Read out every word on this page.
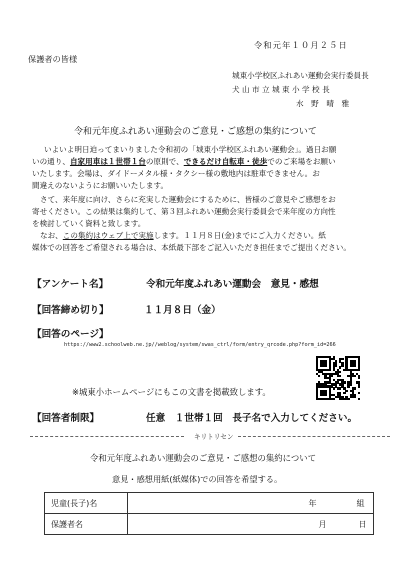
令和元年１０月２５日
保護者の皆様
城東小学校区ふれあい運動会実行委員長
犬 山 市 立 城 東 小 学 校 長
水　野　晴　雅
令和元年度ふれあい運動会のご意見・ご感想の集約について
いよいよ明日迫ってまいりました令和初の「城東小学校区ふれあい運動会」。過日お願
いの通り、自家用車は１世帯１台の原則で、できるだけ自転車・徒歩でのご来場をお願い
いたします。会場は、ダイドーメタル様・タクシー様の敷地内は駐車できません。お
間違えのないようにお願いいたします。
さて、来年度に向け、さらに充実した運動会にするために、皆様のご意見やご感想をお
寄せください。この結果は集約して、第３回ふれあい運動会実行委員会で来年度の方向性
を検討していく資料と致します。
なお、この集約はウェブ上で実施します。１１月８日(金)までにご入力ください。紙
媒体での回答をご希望される場合は、本紙最下部をご記入いただき担任までご提出ください。
【アンケート名】	令和元年度ふれあい運動会　意見・感想
【回答締め切り】	１１月８日（金）
【回答のページ】
https://www2.schoolweb.ne.jp//weblog/system/swas_ctrl/form/entry_qrcode.php?form_id=266
※城東小ホームページにもこの文書を掲載致します。
【回答者制限】	任意　１世帯１回　長子名で入力してください。
キリトリセン
令和元年度ふれあい運動会のご意見・ご感想の集約について
意見・感想用紙(紙媒体)での回答を希望する。
児童(長子)名	年 組

保護者名	月 日
